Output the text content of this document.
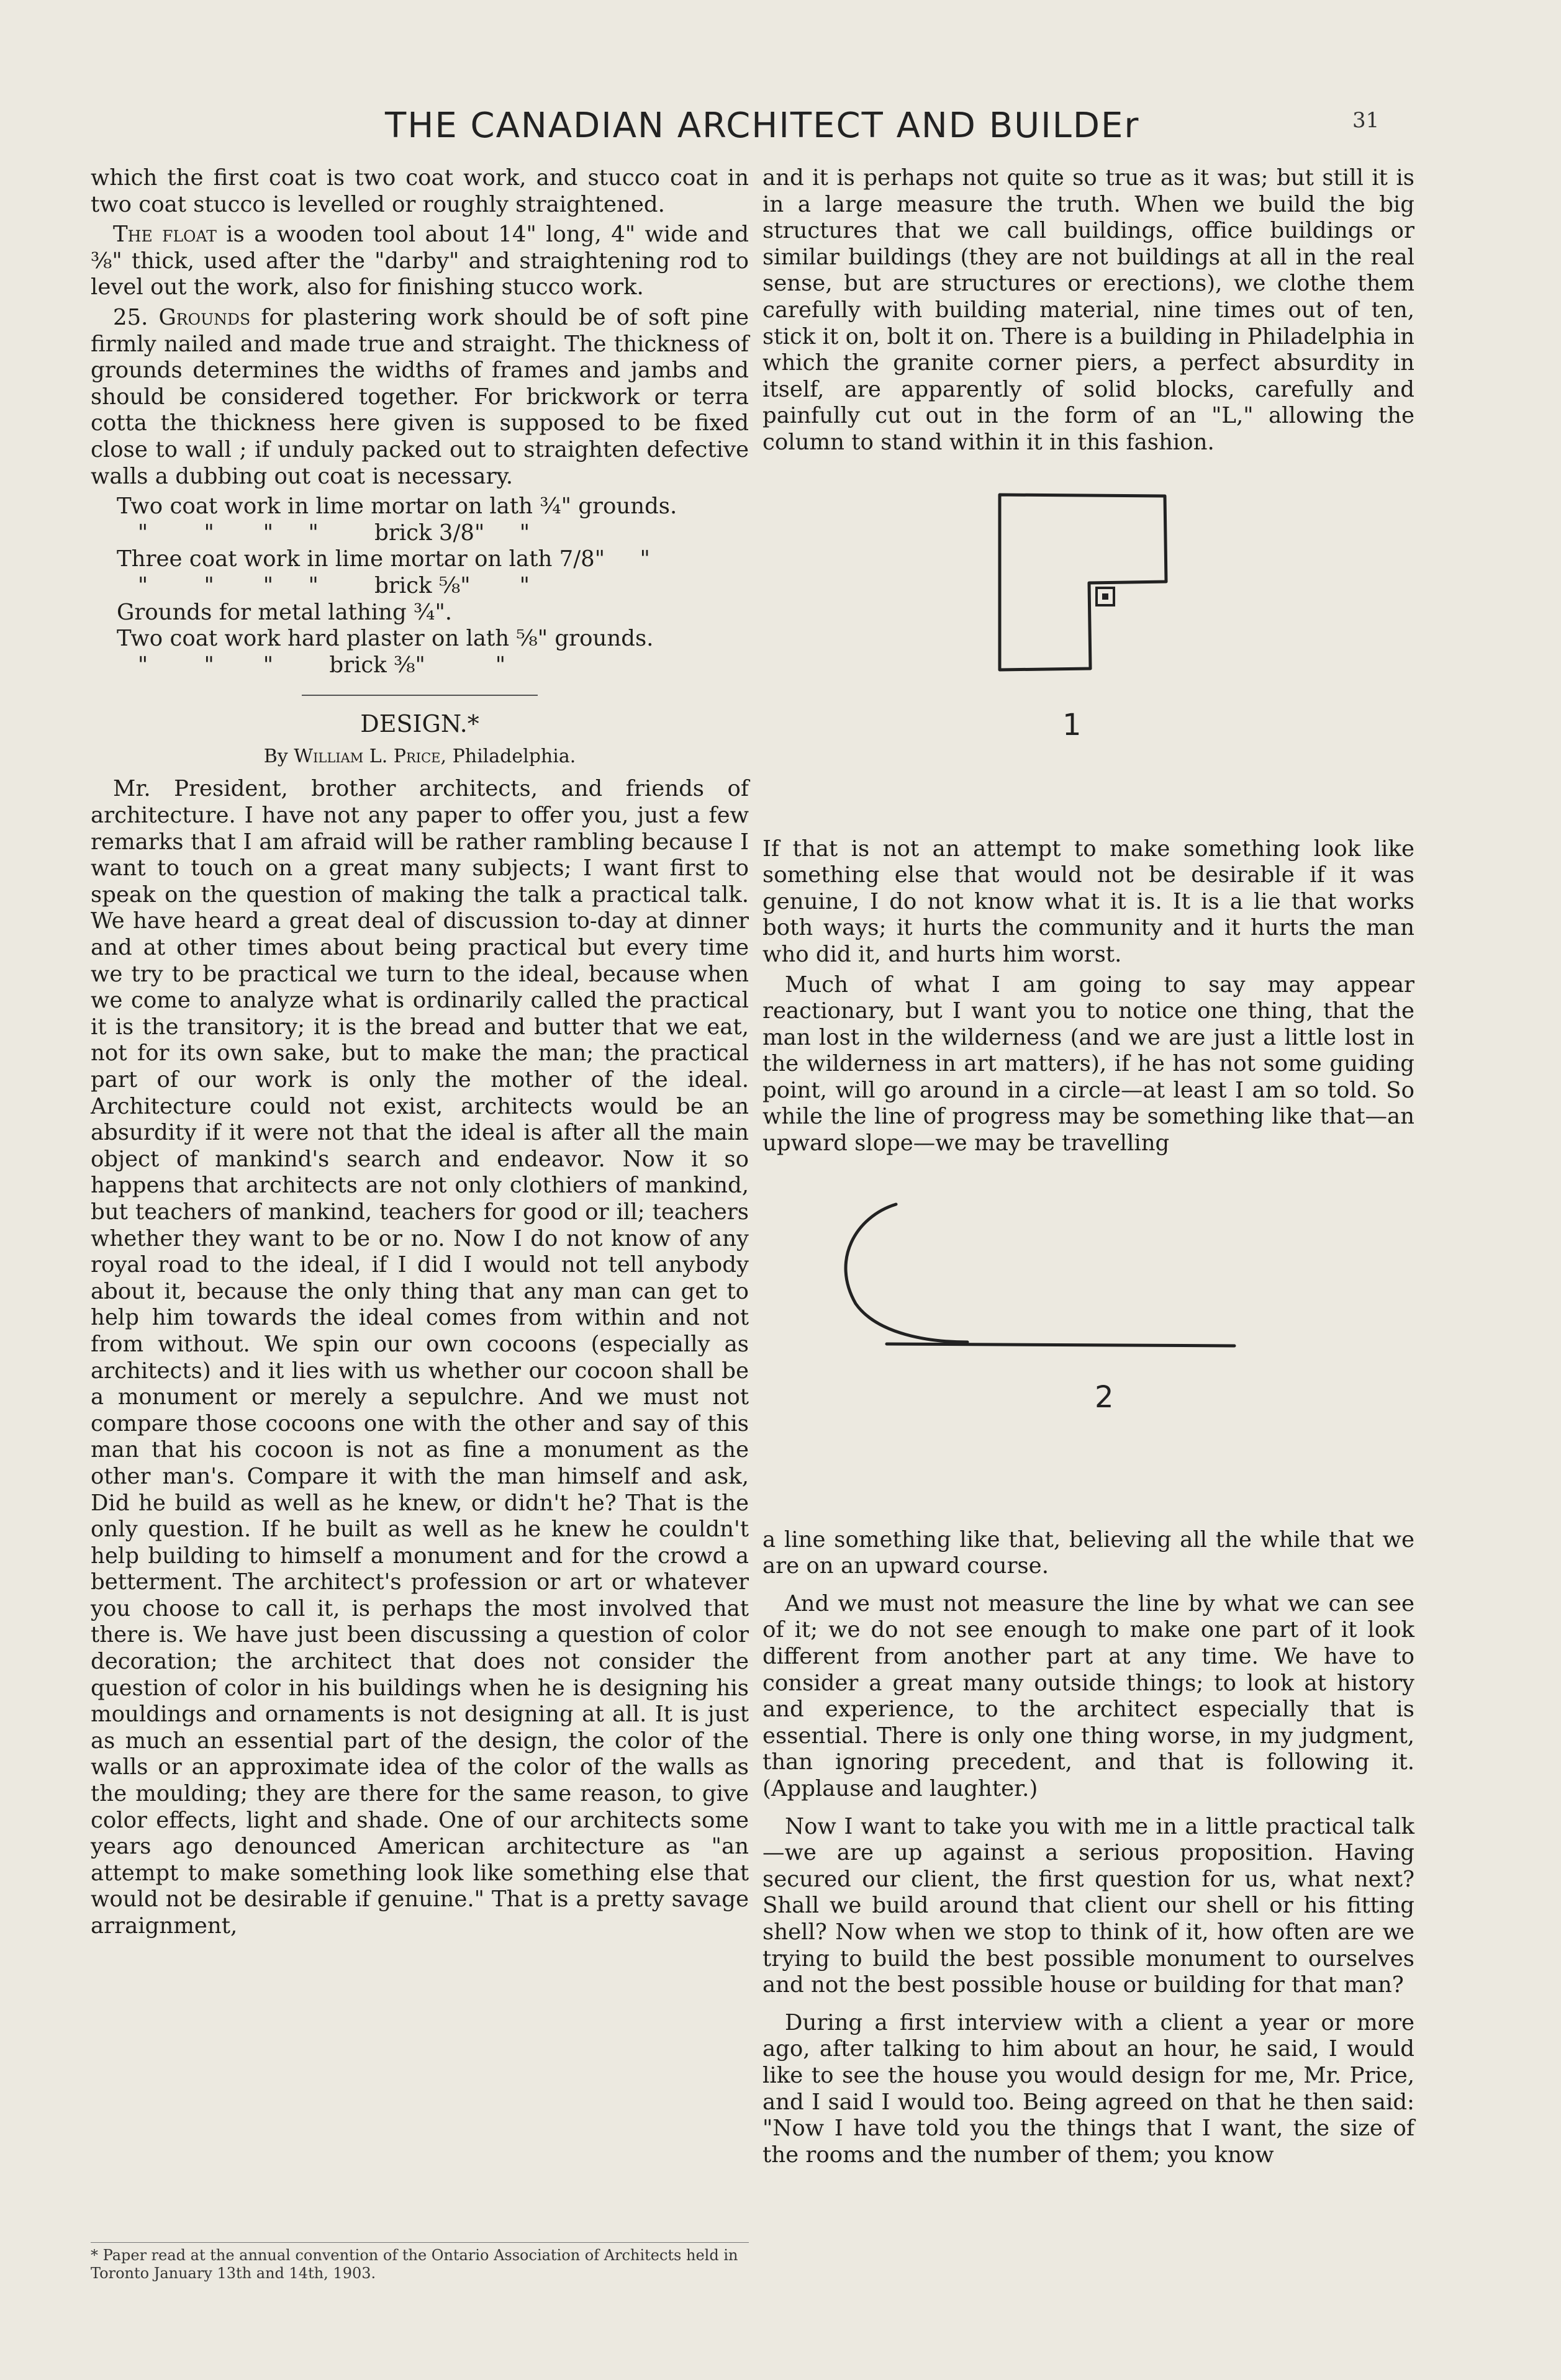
THE CANADIAN ARCHITECT AND BUILDEr	31

which the first coat is two coat work, and stucco coat in two coat stucco is levelled or roughly straightened.

The float is a wooden tool about 14" long, 4" wide and ⅜" thick, used after the "darby" and straightening rod to level out the work, also for finishing stucco work.

25. Grounds for plastering work should be of soft pine firmly nailed and made true and straight. The thickness of grounds determines the widths of frames and jambs and should be considered together. For brickwork or terra cotta the thickness here given is supposed to be fixed close to wall ; if unduly packed out to straighten defective walls a dubbing out coat is necessary.

Two coat work in lime mortar on lath ¾" grounds.
"        "       "     "        brick 3/8"     "
Three coat work in lime mortar on lath 7/8"     "
"        "       "     "        brick ⅝"       "
Grounds for metal lathing ¾".
Two coat work hard plaster on lath ⅝" grounds.
"        "       "        brick ⅜"          "
DESIGN.*
By William L. Price, Philadelphia.

Mr. President, brother architects, and friends of architecture. I have not any paper to offer you, just a few remarks that I am afraid will be rather rambling because I want to touch on a great many subjects; I want first to speak on the question of making the talk a practical talk. We have heard a great deal of discussion to-day at dinner and at other times about being practical but every time we try to be practical we turn to the ideal, because when we come to analyze what is ordinarily called the practical it is the transitory; it is the bread and butter that we eat, not for its own sake, but to make the man; the practical part of our work is only the mother of the ideal. Architecture could not exist, architects would be an absurdity if it were not that the ideal is after all the main object of mankind's search and endeavor. Now it so happens that architects are not only clothiers of mankind, but teachers of mankind, teachers for good or ill; teachers whether they want to be or no. Now I do not know of any royal road to the ideal, if I did I would not tell anybody about it, because the only thing that any man can get to help him towards the ideal comes from within and not from without. We spin our own cocoons (especially as architects) and it lies with us whether our cocoon shall be a monument or merely a sepulchre. And we must not compare those cocoons one with the other and say of this man that his cocoon is not as fine a monument as the other man's. Compare it with the man himself and ask, Did he build as well as he knew, or didn't he? That is the only question. If he built as well as he knew he couldn't help building to himself a monument and for the crowd a betterment. The architect's profession or art or whatever you choose to call it, is perhaps the most involved that there is. We have just been discussing a question of color decoration; the architect that does not consider the question of color in his buildings when he is designing his mouldings and ornaments is not designing at all. It is just as much an essential part of the design, the color of the walls or an approximate idea of the color of the walls as the moulding; they are there for the same reason, to give color effects, light and shade. One of our architects some years ago denounced American architecture as "an attempt to make something look like something else that would not be desirable if genuine." That is a pretty savage arraignment,

* Paper read at the annual convention of the Ontario Association of Architects held in Toronto January 13th and 14th, 1903.

and it is perhaps not quite so true as it was; but still it is in a large measure the truth. When we build the big structures that we call buildings, office buildings or similar buildings (they are not buildings at all in the real sense, but are structures or erections), we clothe them carefully with building material, nine times out of ten, stick it on, bolt it on. There is a building in Philadelphia in which the granite corner piers, a perfect absurdity in itself, are apparently of solid blocks, carefully and painfully cut out in the form of an "L," allowing the column to stand within it in this fashion.

1

If that is not an attempt to make something look like something else that would not be desirable if it was genuine, I do not know what it is. It is a lie that works both ways; it hurts the community and it hurts the man who did it, and hurts him worst.

Much of what I am going to say may appear reactionary, but I want you to notice one thing, that the man lost in the wilderness (and we are just a little lost in the wilderness in art matters), if he has not some guiding point, will go around in a circle—at least I am so told. So while the line of progress may be something like that—an upward slope—we may be travelling

2

a line something like that, believing all the while that we are on an upward course.

And we must not measure the line by what we can see of it; we do not see enough to make one part of it look different from another part at any time. We have to consider a great many outside things; to look at history and experience, to the architect especially that is essential. There is only one thing worse, in my judgment, than ignoring precedent, and that is following it. (Applause and laughter.)

Now I want to take you with me in a little practical talk—we are up against a serious proposition. Having secured our client, the first question for us, what next? Shall we build around that client our shell or his fitting shell? Now when we stop to think of it, how often are we trying to build the best possible monument to ourselves and not the best possible house or building for that man?

During a first interview with a client a year or more ago, after talking to him about an hour, he said, I would like to see the house you would design for me, Mr. Price, and I said I would too. Being agreed on that he then said: "Now I have told you the things that I want, the size of the rooms and the number of them; you know
